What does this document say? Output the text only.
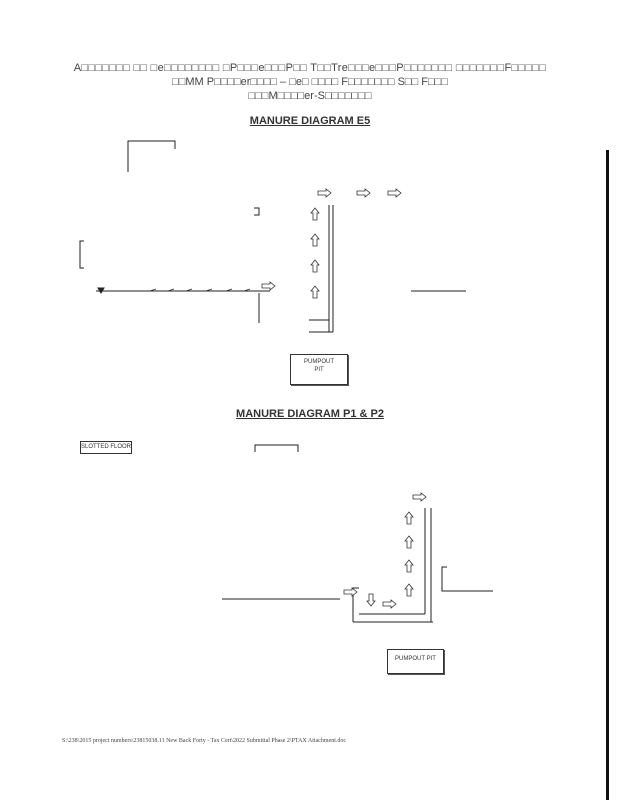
A□□□□□□□ □□ □e□□□□□□□□ □P□□□e□□□P□□ T□□Tre□□□e□□□P□□□□□□□ □□□□□□□F□□□□□
□□MM P□□□□er□□□□ – □e□ □□□□ F□□□□□□□ S□□ F□□□
□□□M□□□□er-S□□□□□□□
MANURE DIAGRAM E5
MANURE DIAGRAM P1 & P2
SLOTTED FLOOR
PUMPOUT
PIT
PUMPOUT PIT
S:\238\2015 project numbers\23815038.11 New Back Forty - Tax Cert\2022 Submittal Phase 2\PTAX Attachment.doc
